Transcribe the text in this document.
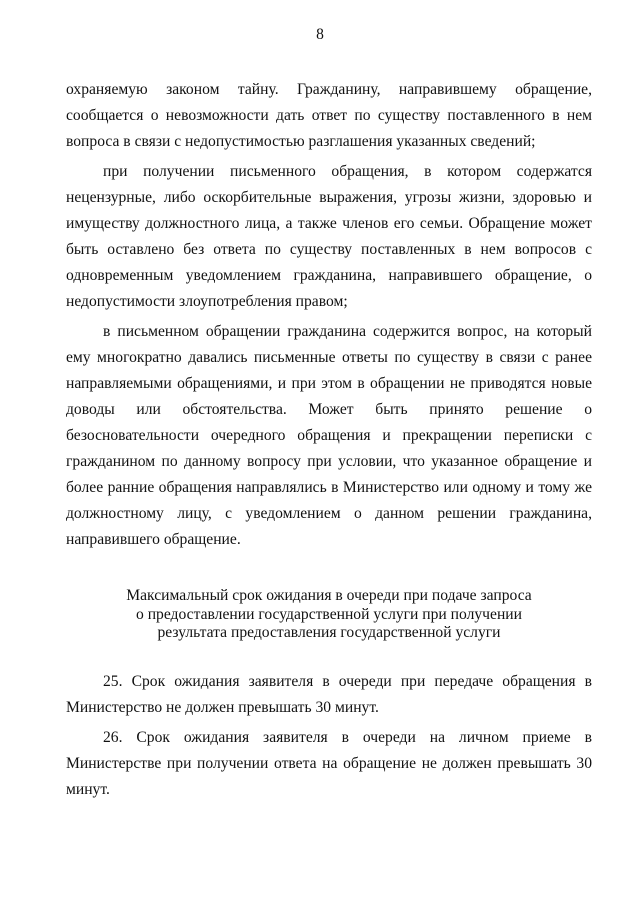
8

охраняемую законом тайну. Гражданину, направившему обращение, сообщается о невозможности дать ответ по существу поставленного в нем вопроса в связи с недопустимостью разглашения указанных сведений;

при получении письменного обращения, в котором содержатся нецензурные, либо оскорбительные выражения, угрозы жизни, здоровью и имуществу должностного лица, а также членов его семьи. Обращение может быть оставлено без ответа по существу поставленных в нем вопросов с одновременным уведомлением гражданина, направившего обращение, о недопустимости злоупотребления правом;

в письменном обращении гражданина содержится вопрос, на который ему многократно давались письменные ответы по существу в связи с ранее направляемыми обращениями, и при этом в обращении не приводятся новые доводы или обстоятельства. Может быть принято решение о безосновательности очередного обращения и прекращении переписки с гражданином по данному вопросу при условии, что указанное обращение и более ранние обращения направлялись в Министерство или одному и тому же должностному лицу, с уведомлением о данном решении гражданина, направившего обращение.

Максимальный срок ожидания в очереди при подаче запроса
о предоставлении государственной услуги при получении
результата предоставления государственной услуги

25. Срок ожидания заявителя в очереди при передаче обращения в Министерство не должен превышать 30 минут.

26. Срок ожидания заявителя в очереди на личном приеме в Министерстве при получении ответа на обращение не должен превышать 30 минут.
